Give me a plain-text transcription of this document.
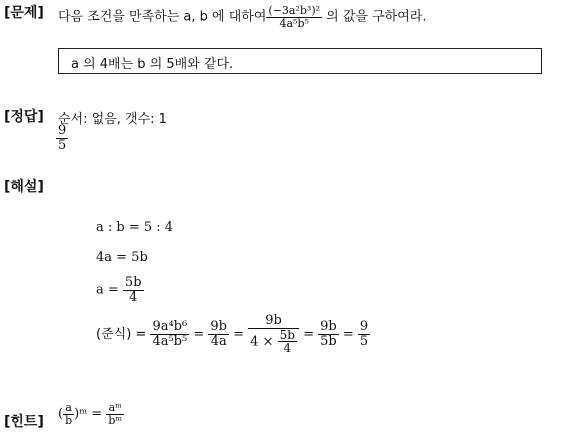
[문제] 다음 조건을 만족하는 a, b 에 대하여 $\frac{\text{(−3a²b³)²}}{\text{4a⁵b⁵}}$ 의 값을 구하여라.
a 의 4배는 b 의 5배와 같다.
[정답] 순서: 없음, 갯수: 1
$\frac{9}{5}$
[해설]
a : b = 5 : 4
4a = 5b
$a = \frac{5b}{4}$
(준식) = $\frac{\text{9a⁴b⁶}}{\text{4a⁵b⁵}} = \frac{9b}{4a} = \frac{9b}{4 \times \frac{5b}{4}} = \frac{9b}{5b} = \frac{9}{5}$
[힌트] ( $\frac{a}{b}$ )ᵐ = $\frac{\text{aᵐ}}{\text{bᵐ}}$
